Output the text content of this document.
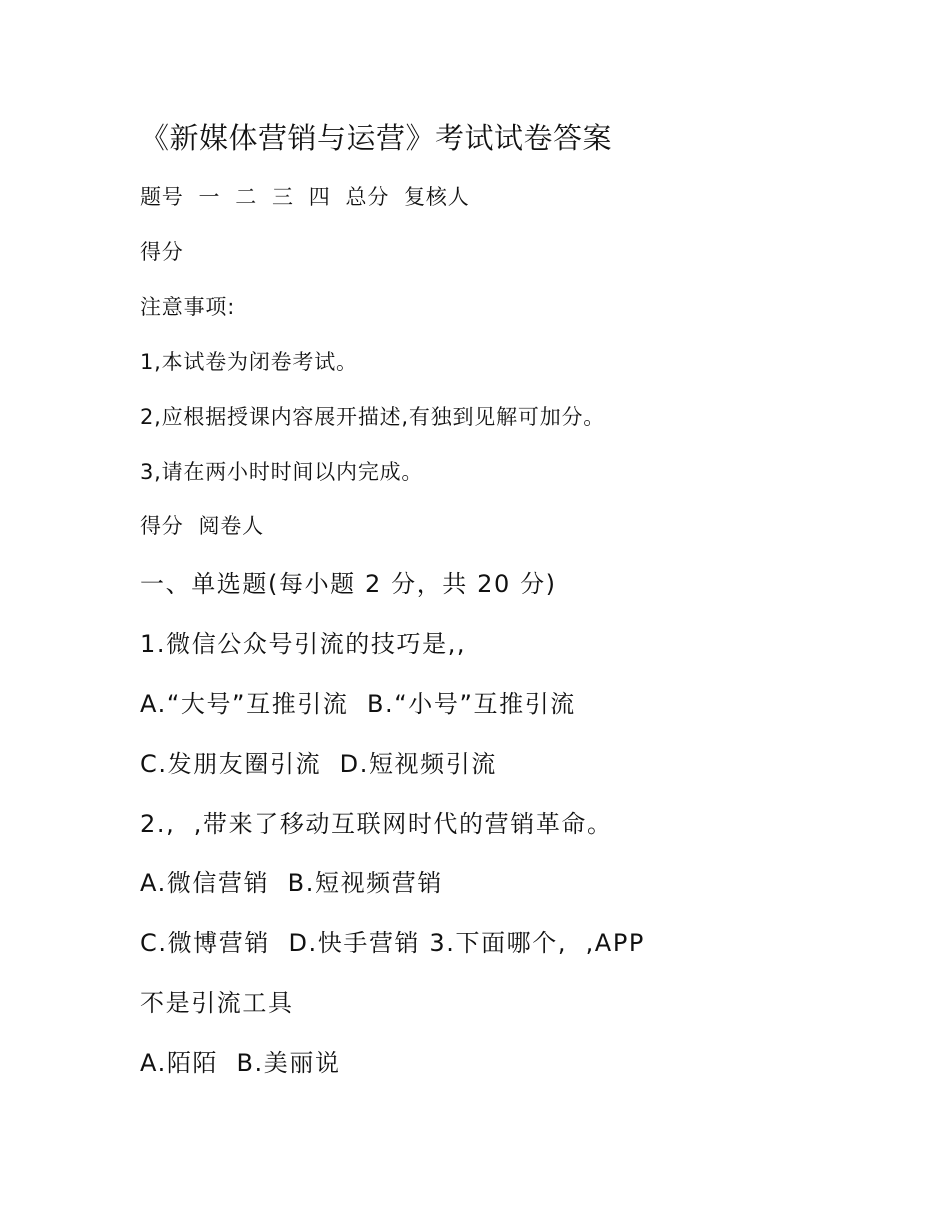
《新媒体营销与运营》考试试卷答案
题号  一  二  三  四  总分  复核人
得分
注意事项:
1,本试卷为闭卷考试。
2,应根据授课内容展开描述,有独到见解可加分。
3,请在两小时时间以内完成。
得分  阅卷人
一、单选题(每小题 2 分，共 20 分)
1.微信公众号引流的技巧是,,
A.“大号”互推引流  B.“小号”互推引流
C.发朋友圈引流  D.短视频引流
2.,  ,带来了移动互联网时代的营销革命。
A.微信营销  B.短视频营销
C.微博营销  D.快手营销 3.下面哪个,  ,APP
不是引流工具
A.陌陌  B.美丽说
